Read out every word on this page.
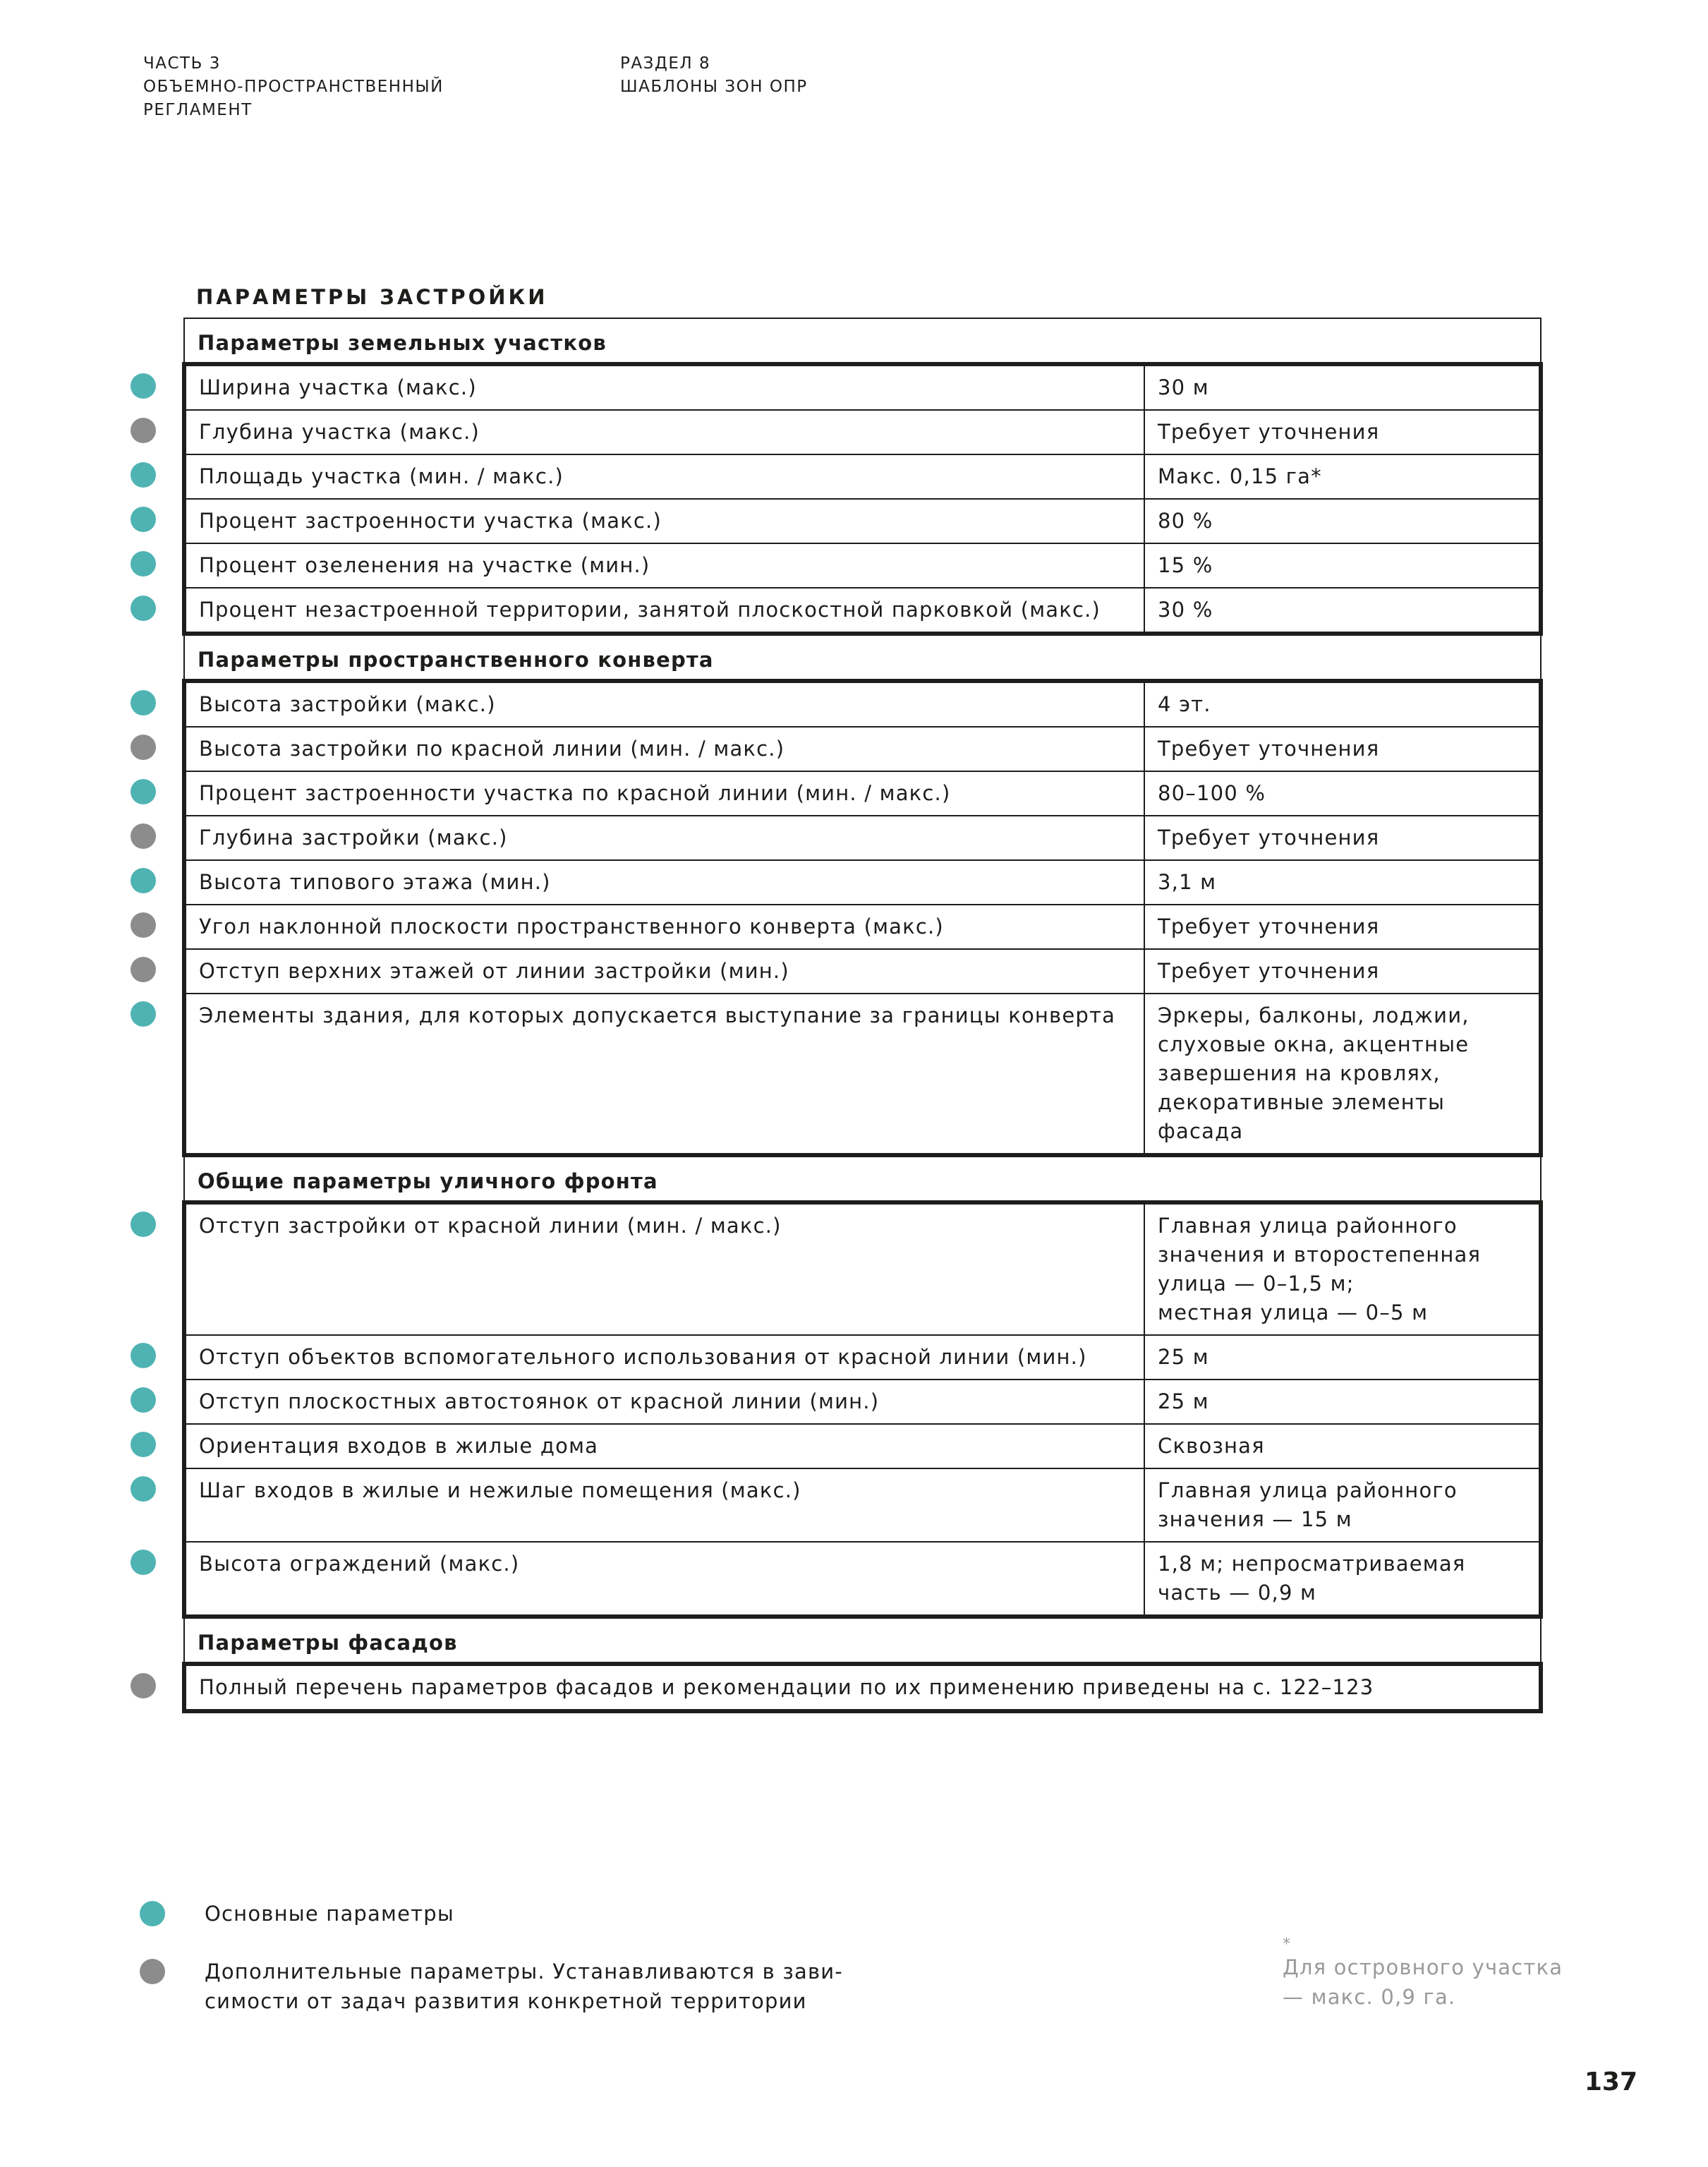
ЧАСТЬ 3
ОБЪЕМНО-ПРОСТРАНСТВЕННЫЙ
РЕГЛАМЕНТ
РАЗДЕЛ 8
ШАБЛОНЫ ЗОН ОПР
ПАРАМЕТРЫ ЗАСТРОЙКИ
Параметры земельных участков	

Ширина участка (макс.)	30 м

Глубина участка (макс.)	Требует уточнения

Площадь участка (мин. / макс.)	Макс. 0,15 га*

Процент застроенности участка (макс.)	80 %

Процент озеленения на участке (мин.)	15 %

Процент незастроенной территории, занятой плоскостной парковкой (макс.)	30 %
Параметры пространственного конверта	

Высота застройки (макс.)	4 эт.

Высота застройки по красной линии (мин. / макс.)	Требует уточнения

Процент застроенности участка по красной линии (мин. / макс.)	80–100 %

Глубина застройки (макс.)	Требует уточнения

Высота типового этажа (мин.)	3,1 м

Угол наклонной плоскости пространственного конверта (макс.)	Требует уточнения

Отступ верхних этажей от линии застройки (мин.)	Требует уточнения

Элементы здания, для которых допускается выступание за границы конверта	Эркеры, балконы, лоджии, слуховые окна, акцентные завершения на кровлях, декоративные элементы фасада
Общие параметры уличного фронта	

Отступ застройки от красной линии (мин. / макс.)	Главная улица районного значения и второстепенная улица — 0–1,5 м;
местная улица — 0–5 м

Отступ объектов вспомогательного использования от красной линии (мин.)	25 м

Отступ плоскостных автостоянок от красной линии (мин.)	25 м

Ориентация входов в жилые дома	Сквозная

Шаг входов в жилые и нежилые помещения (макс.)	Главная улица районного значения — 15 м

Высота ограждений (макс.)	1,8 м; непросматриваемая часть — 0,9 м
Параметры фасадов	

Полный перечень параметров фасадов и рекомендации по их применению приведены на с. 122–123	
Основные параметры
Дополнительные параметры. Устанавливаются в зави-
симости от задач развития конкретной территории
*
Для островного участка — макс. 0,9 га.
137
